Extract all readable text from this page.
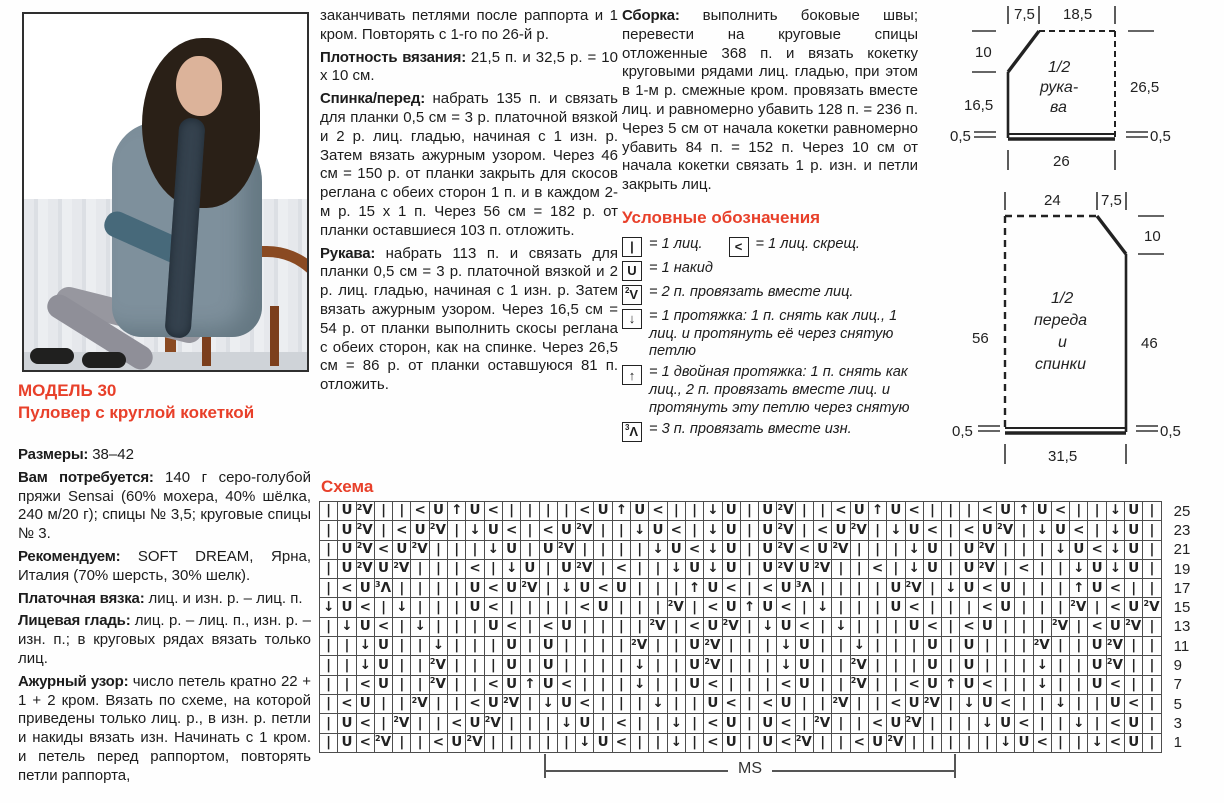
МОДЕЛЬ 30
Пуловер с круглой кокеткой

Размеры: 38–42

Вам потребуется: 140 г серо-голубой пряжи Sensai (60% мохера, 40% шёлка, 240 м/20 г); спицы № 3,5; круговые спицы № 3.

Рекомендуем: SOFT DREAM, Ярна, Италия (70% шерсть, 30% шелк).

Платочная вязка: лиц. и изн. р. – лиц. п.

Лицевая гладь: лиц. р. – лиц. п., изн. р. – изн. п.; в круговых рядах вязать только лиц.

Ажурный узор: число петель кратно 22 + 1 + 2 кром. Вязать по схеме, на которой приведены только лиц. р., в изн. р. петли и накиды вязать изн. Начинать с 1 кром. и петель перед раппортом, повторять петли раппорта,

заканчивать петлями после раппорта и 1 кром. Повторять с 1-го по 26-й р.

Плотность вязания: 21,5 п. и 32,5 р. = 10 x 10 см.

Спинка/перед: набрать 135 п. и связать для планки 0,5 см = 3 р. платочной вязкой и 2 р. лиц. гладью, начиная с 1 изн. р. Затем вязать ажурным узором. Через 46 см = 150 р. от планки закрыть для скосов реглана с обеих сторон 1 п. и в каждом 2-м р. 15 х 1 п. Через 56 см = 182 р. от планки оставшиеся 103 п. отложить.

Рукава: набрать 113 п. и связать для планки 0,5 см = 3 р. платочной вязкой и 2 р. лиц. гладью, начиная с 1 изн. р. Затем вязать ажурным узором. Через 16,5 см = 54 р. от планки выполнить скосы реглана с обеих сторон, как на спинке. Через 26,5 см = 86 р. от планки оставшуюся 81 п. отложить.

Сборка: выполнить боковые швы; перевести на круговые спицы отложенные 368 п. и вязать кокетку круговыми рядами лиц. гладью, при этом в 1-м р. смежные кром. провязать вместе лиц. и равномерно убавить 128 п. = 236 п. Через 5 см от начала кокетки равномерно убавить 84 п. = 152 п. Через 10 см от начала кокетки связать 1 р. изн. и петли закрыть лиц.

Условные обозначения
| = 1 лиц. < = 1 лиц. скрещ.
U = 1 накид
2 V = 2 п. провязать вместе лиц.
↓ = 1 протяжка: 1 п. снять как лиц., 1 лиц. и протянуть её через снятую петлю
↑ = 1 двойная протяжка: 1 п. снять как лиц., 2 п. провязать вместе лиц. и протянуть эту петлю через снятую
3 Λ = 3 п. провязать вместе изн.
7,5 18,5
10
16,5
0,5
26,5
0,5
26
1/2
рука-
ва
24	7,5
10
46
0,5
56
0,5
31,5
1/2
переда
и
спинки
Схема
| U 2 V | | < U ↑ U < | | | | < U ↑ U < | | ↓ U | U 2 V | | < U ↑ U < | | | < U ↑ U < | | ↓ U | 25
| U 2 V | < U 2 V | ↓ U < | < U 2 V | | ↓ U < | ↓ U | U 2 V | < U 2 V | ↓ U < | < U 2 V | ↓ U < | ↓ U | 23
| U 2 V < U 2 V | | | ↓ U | U 2 V | | | | ↓ U < ↓ U | U 2 V < U 2 V | | | ↓ U | U 2 V | | | ↓ U < ↓ U | 21
| U 2 V U 2 V | | | < | ↓ U | U 2 V | < | | ↓ U ↓ U | U 2 V U 2 V | | < | ↓ U | U 2 V | < | | ↓ U ↓ U | 19
| < U 3 Λ | | | | U < U 2 V | ↓ U < U | | | ↑ U < | < U 3 Λ | | | | U 2 V | ↓ U < U | | | ↑ U < | | 17
↓ U < | ↓ | | | U < | | | | < U | | | 2 V | < U ↑ U < | ↓ | | | U < | | | < U | | | 2 V | < U 2 V 15
| ↓ U < | ↓ | | | U < | < U | | | | 2 V | < U 2 V | ↓ U < | ↓ | | | U < | < U | | | 2 V | < U 2 V | 13
| | ↓ U | | ↓ | | | U | U | | | | 2 V | | U 2 V | | | ↓ U | | ↓ | | | U | U | | | 2 V | | U 2 V | | 11
| | ↓ U | | 2 V | | | U | U | | | | ↓ | | U 2 V | | | ↓ U | | 2 V | | | U | U | | | ↓ | | U 2 V | | 9
| | < U | | 2 V | | < U ↑ U < | | | ↓ | | U < | | | < U | | 2 V | | < U ↑ U < | | ↓ | | U < | | 7
| < U | | 2 V | | < U 2 V | ↓ U < | | | ↓ | | U < | < U | | 2 V | | < U 2 V | ↓ U < | | ↓ | | U < | 5
| U < | 2 V | | < U 2 V | | | ↓ U | < | | ↓ | < U | U < | 2 V | | < U 2 V | | | ↓ U < | | ↓ | < U | 3
| U < 2 V | | < U 2 V | | | | | ↓ U < | | ↓ | < U | U < 2 V | | < U 2 V | | | | | ↓ U < | | ↓ < U | 1
MS
